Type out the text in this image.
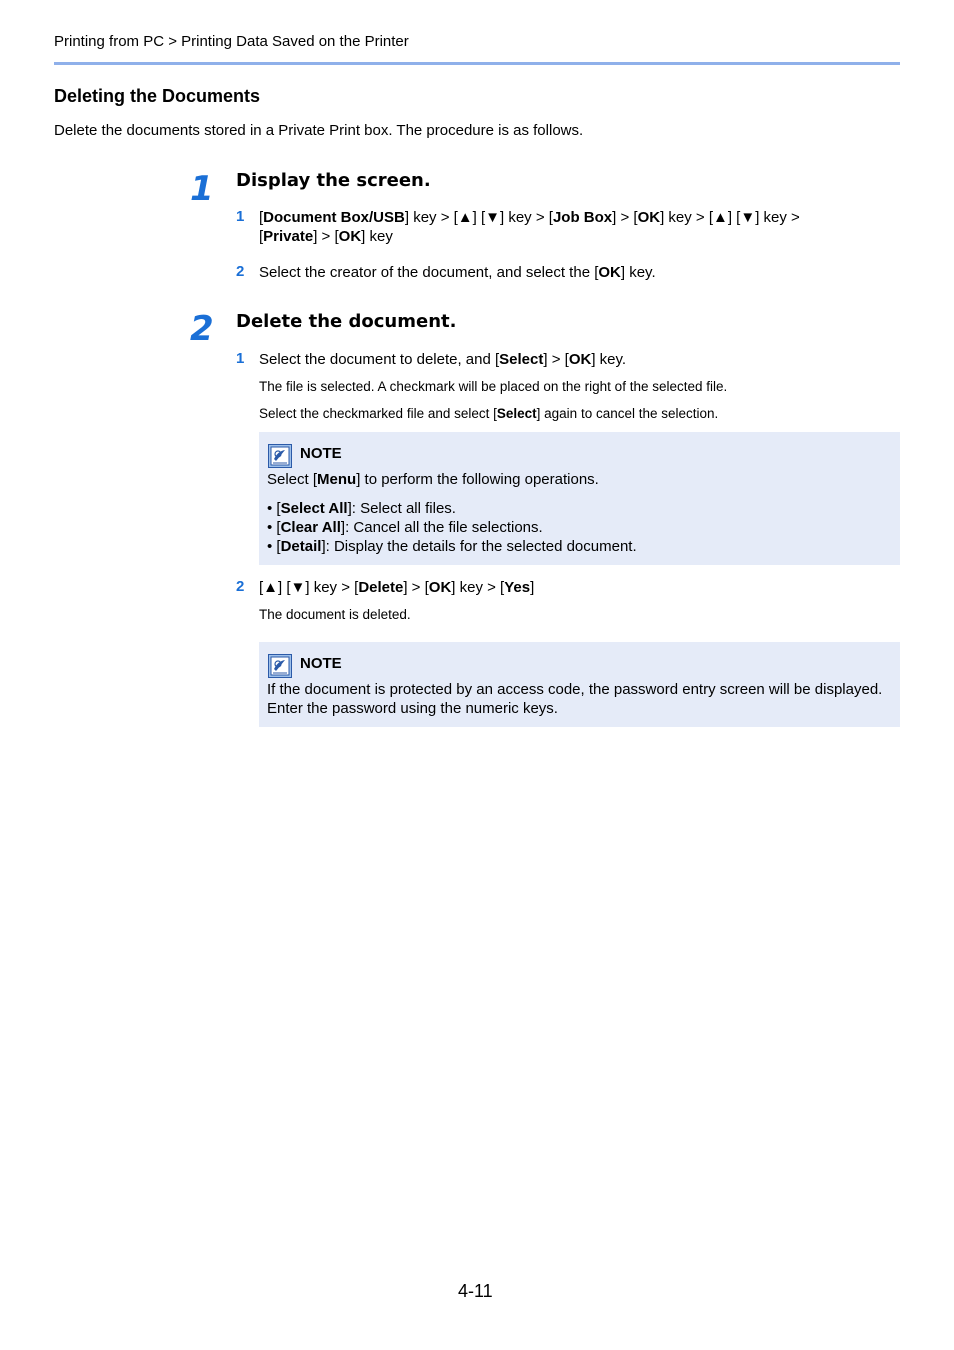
Printing from PC > Printing Data Saved on the Printer
Deleting the Documents
Delete the documents stored in a Private Print box. The procedure is as follows.
1 Display the screen.
1 [Document Box/USB] key > [▲] [▼] key > [Job Box] > [OK] key > [▲] [▼] key >
[Private] > [OK] key
2 Select the creator of the document, and select the [OK] key.
2 Delete the document.
1 Select the document to delete, and [Select] > [OK] key.
The file is selected. A checkmark will be placed on the right of the selected file.
Select the checkmarked file and select [Select] again to cancel the selection.
NOTE
Select [Menu] to perform the following operations.
• [Select All]: Select all files.
• [Clear All]: Cancel all the file selections.
• [Detail]: Display the details for the selected document.
2 [▲] [▼] key > [Delete] > [OK] key > [Yes]
The document is deleted.
NOTE
If the document is protected by an access code, the password entry screen will be displayed. Enter the password using the numeric keys.
4-11
